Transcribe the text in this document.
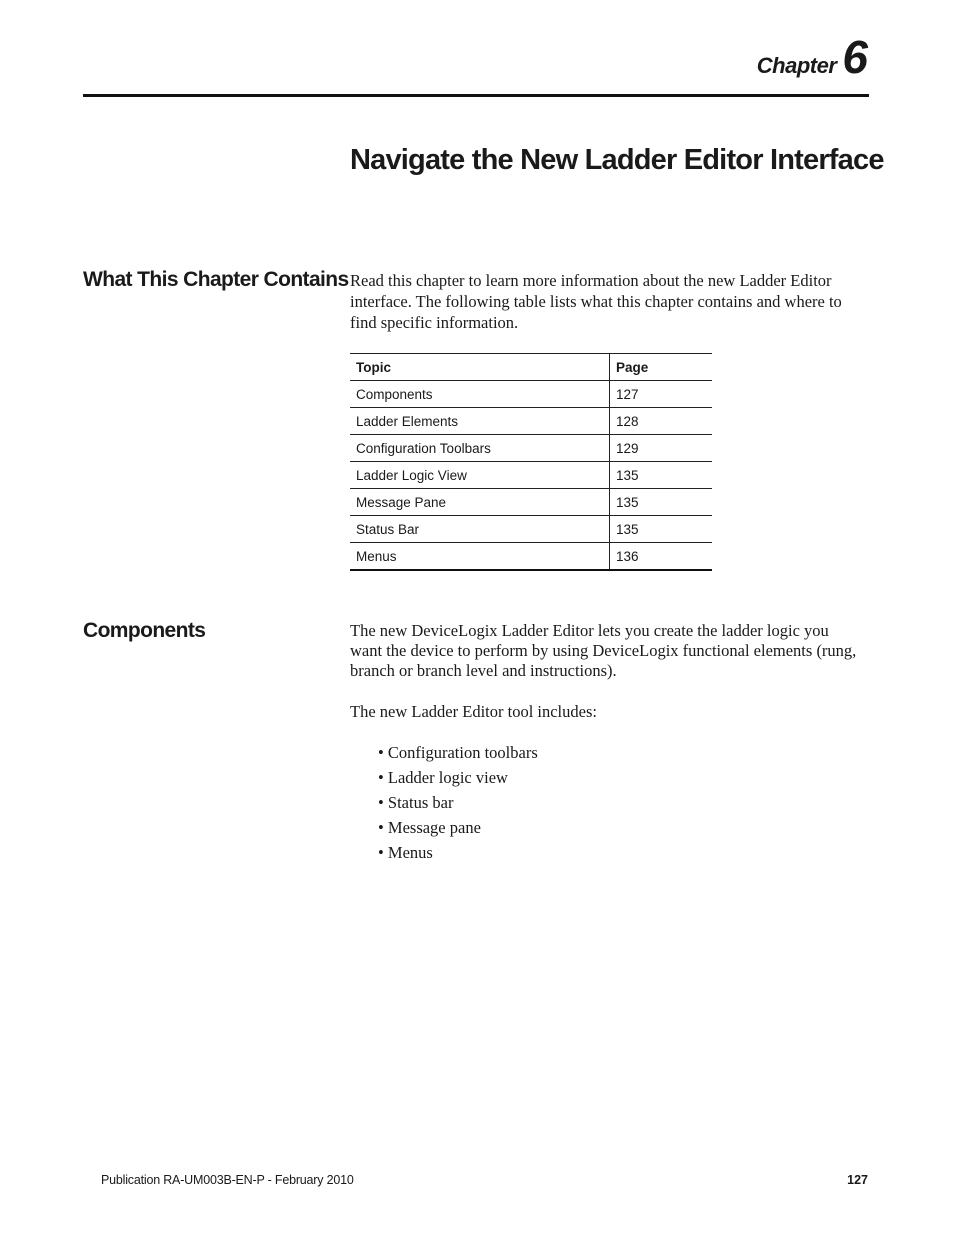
Chapter 6
Navigate the New Ladder Editor Interface
What This Chapter Contains Read this chapter to learn more information about the new Ladder Editor interface. The following table lists what this chapter contains and where to find specific information.

Topic	Page
Components	127
Ladder Elements	128
Configuration Toolbars	129
Ladder Logic View	135
Message Pane	135
Status Bar	135
Menus	136
Components	The new DeviceLogix Ladder Editor lets you create the ladder logic you want the device to perform by using DeviceLogix functional elements (rung, branch or branch level and instructions).

The new Ladder Editor tool includes:

• Configuration toolbars
• Ladder logic view
• Status bar
• Message pane
• Menus
Publication RA-UM003B-EN-P - February 2010	127
